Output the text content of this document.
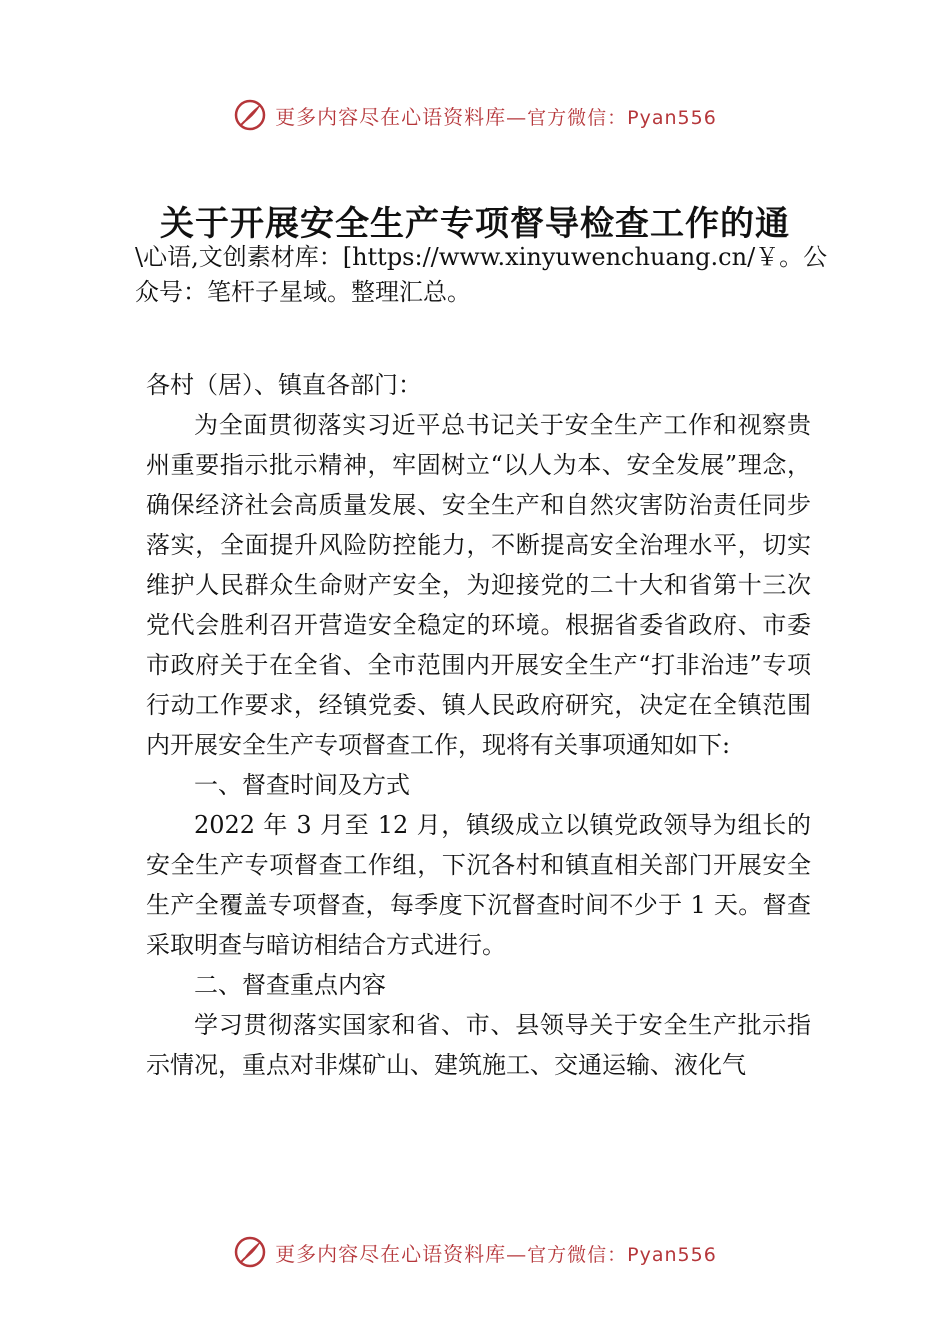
更多内容尽在心语资料库—官方微信：Pyan556
关于开展安全生产专项督导检查工作的通
\心语,文创素材库：[https://www.xinyuwenchuang.cn/￥。公众号：笔杆子星域。整理汇总。

各村（居）、镇直各部门：

为全面贯彻落实习近平总书记关于安全生产工作和视察贵州重要指示批示精神，牢固树立“以人为本、安全发展”理念，确保经济社会高质量发展、安全生产和自然灾害防治责任同步落实，全面提升风险防控能力，不断提高安全治理水平，切实维护人民群众生命财产安全，为迎接党的二十大和省第十三次党代会胜利召开营造安全稳定的环境。根据省委省政府、市委市政府关于在全省、全市范围内开展安全生产“打非治违”专项行动工作要求，经镇党委、镇人民政府研究，决定在全镇范围内开展安全生产专项督查工作，现将有关事项通知如下:

一、督查时间及方式

2022 年 3 月至 12 月，镇级成立以镇党政领导为组长的安全生产专项督查工作组，下沉各村和镇直相关部门开展安全生产全覆盖专项督查，每季度下沉督查时间不少于 1 天。督查采取明查与暗访相结合方式进行。

二、督查重点内容

学习贯彻落实国家和省、市、县领导关于安全生产批示指示情况，重点对非煤矿山、建筑施工、交通运输、液化气

更多内容尽在心语资料库—官方微信：Pyan556
